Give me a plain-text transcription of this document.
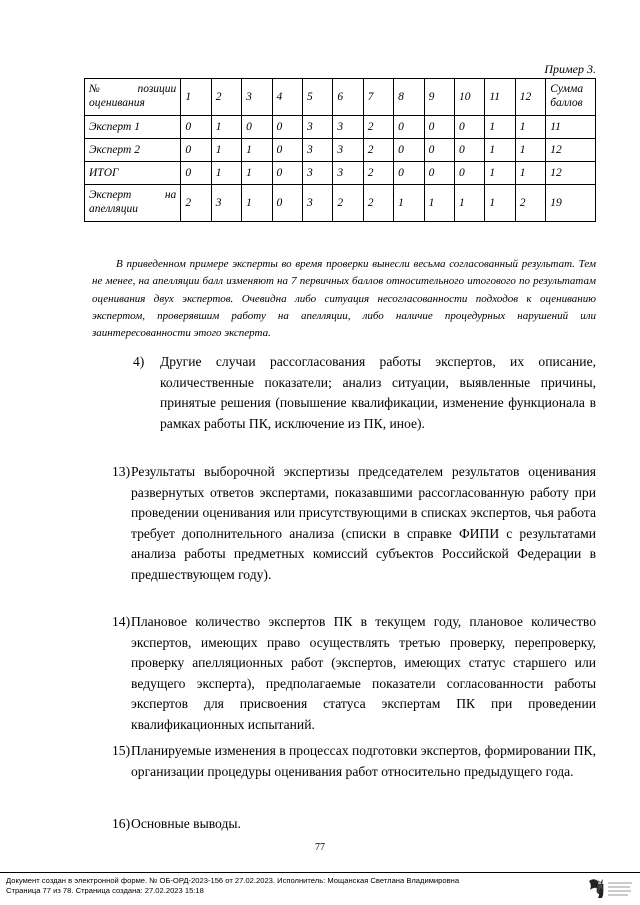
Пример 3.
№ позиции оценивания	1	2	3	4	5	6	7	8	9	10	11	12	Сумма баллов
Эксперт 1	0	1	0	0	3	3	2	0	0	0	1	1	11
Эксперт 2	0	1	1	0	3	3	2	0	0	0	1	1	12
ИТОГ	0	1	1	0	3	3	2	0	0	0	1	1	12

Эксперт на апелляции	2	3	1	0	3	2	2	1	1	1	1	2	19

В приведенном примере эксперты во время проверки вынесли весьма согласованный результат. Тем не менее, на апелляции балл изменяют на 7 первичных баллов относительного итогового по результатам оценивания двух экспертов. Очевидна либо ситуация несогласованности подходов к оцениванию экспертом, проверявшим работу на апелляции, либо наличие процедурных нарушений или заинтересованности этого эксперта.

4) Другие случаи рассогласования работы экспертов, их описание, количественные показатели; анализ ситуации, выявленные причины, принятые решения (повышение квалификации, изменение функционала в рамках работы ПК, исключение из ПК, иное).
13) Результаты выборочной экспертизы председателем результатов оценивания развернутых ответов экспертами, показавшими рассогласованную работу при проведении оценивания или присутствующими в списках экспертов, чья работа требует дополнительного анализа (списки в справке ФИПИ с результатами анализа работы предметных комиссий субъектов Российской Федерации в предшествующем году).
14) Плановое количество экспертов ПК в текущем году, плановое количество экспертов, имеющих право осуществлять третью проверку, перепроверку, проверку апелляционных работ (экспертов, имеющих статус старшего или ведущего эксперта), предполагаемые показатели согласованности работы экспертов для присвоения статуса экспертам ПК при проведении квалификационных испытаний.
15) Планируемые изменения в процессах подготовки экспертов, формировании ПК, организации процедуры оценивания работ относительно предыдущего года.
16) Основные выводы.
77
Документ создан в электронной форме. № ОБ-ОРД-2023-156 от 27.02.2023. Исполнитель: Мощанская Светлана Владимировна
Страница 77 из 78. Страница создана: 27.02.2023 15:18
